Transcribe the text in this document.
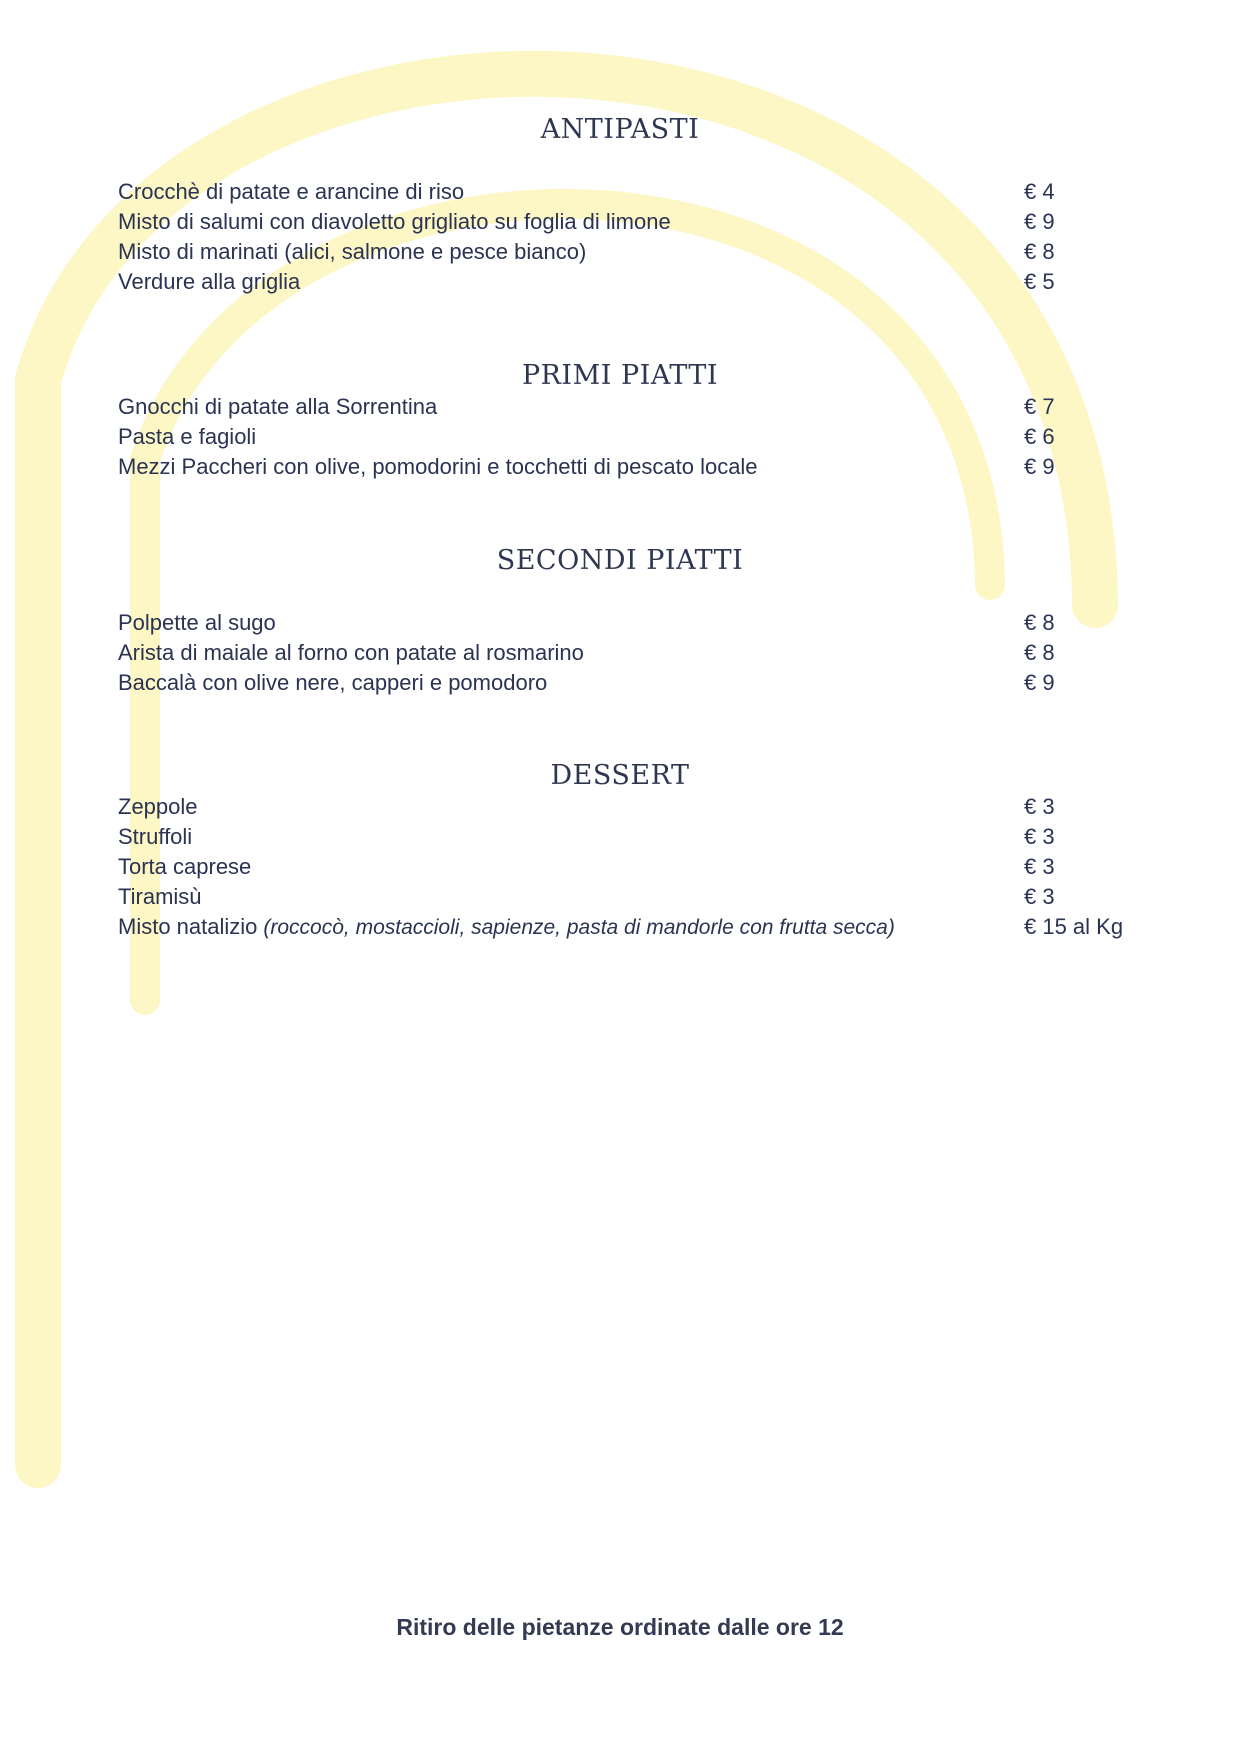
ANTIPASTI
Crocchè di patate e arancine di riso	€ 4
Misto di salumi con diavoletto grigliato su foglia di limone	€ 9
Misto di marinati (alici, salmone e pesce bianco)	€ 8
Verdure alla griglia	€ 5
PRIMI PIATTI
Gnocchi di patate alla Sorrentina	€ 7
Pasta e fagioli	€ 6
Mezzi Paccheri con olive, pomodorini e tocchetti di pescato locale	€ 9
SECONDI PIATTI
Polpette al sugo	€ 8
Arista di maiale al forno con patate al rosmarino	€ 8
Baccalà con olive nere, capperi e pomodoro	€ 9
DESSERT
Zeppole	€ 3
Struffoli	€ 3
Torta caprese	€ 3
Tiramisù	€ 3
Misto natalizio (roccocò, mostaccioli, sapienze, pasta di mandorle con frutta secca)	€ 15 al Kg
Ritiro delle pietanze ordinate dalle ore 12
